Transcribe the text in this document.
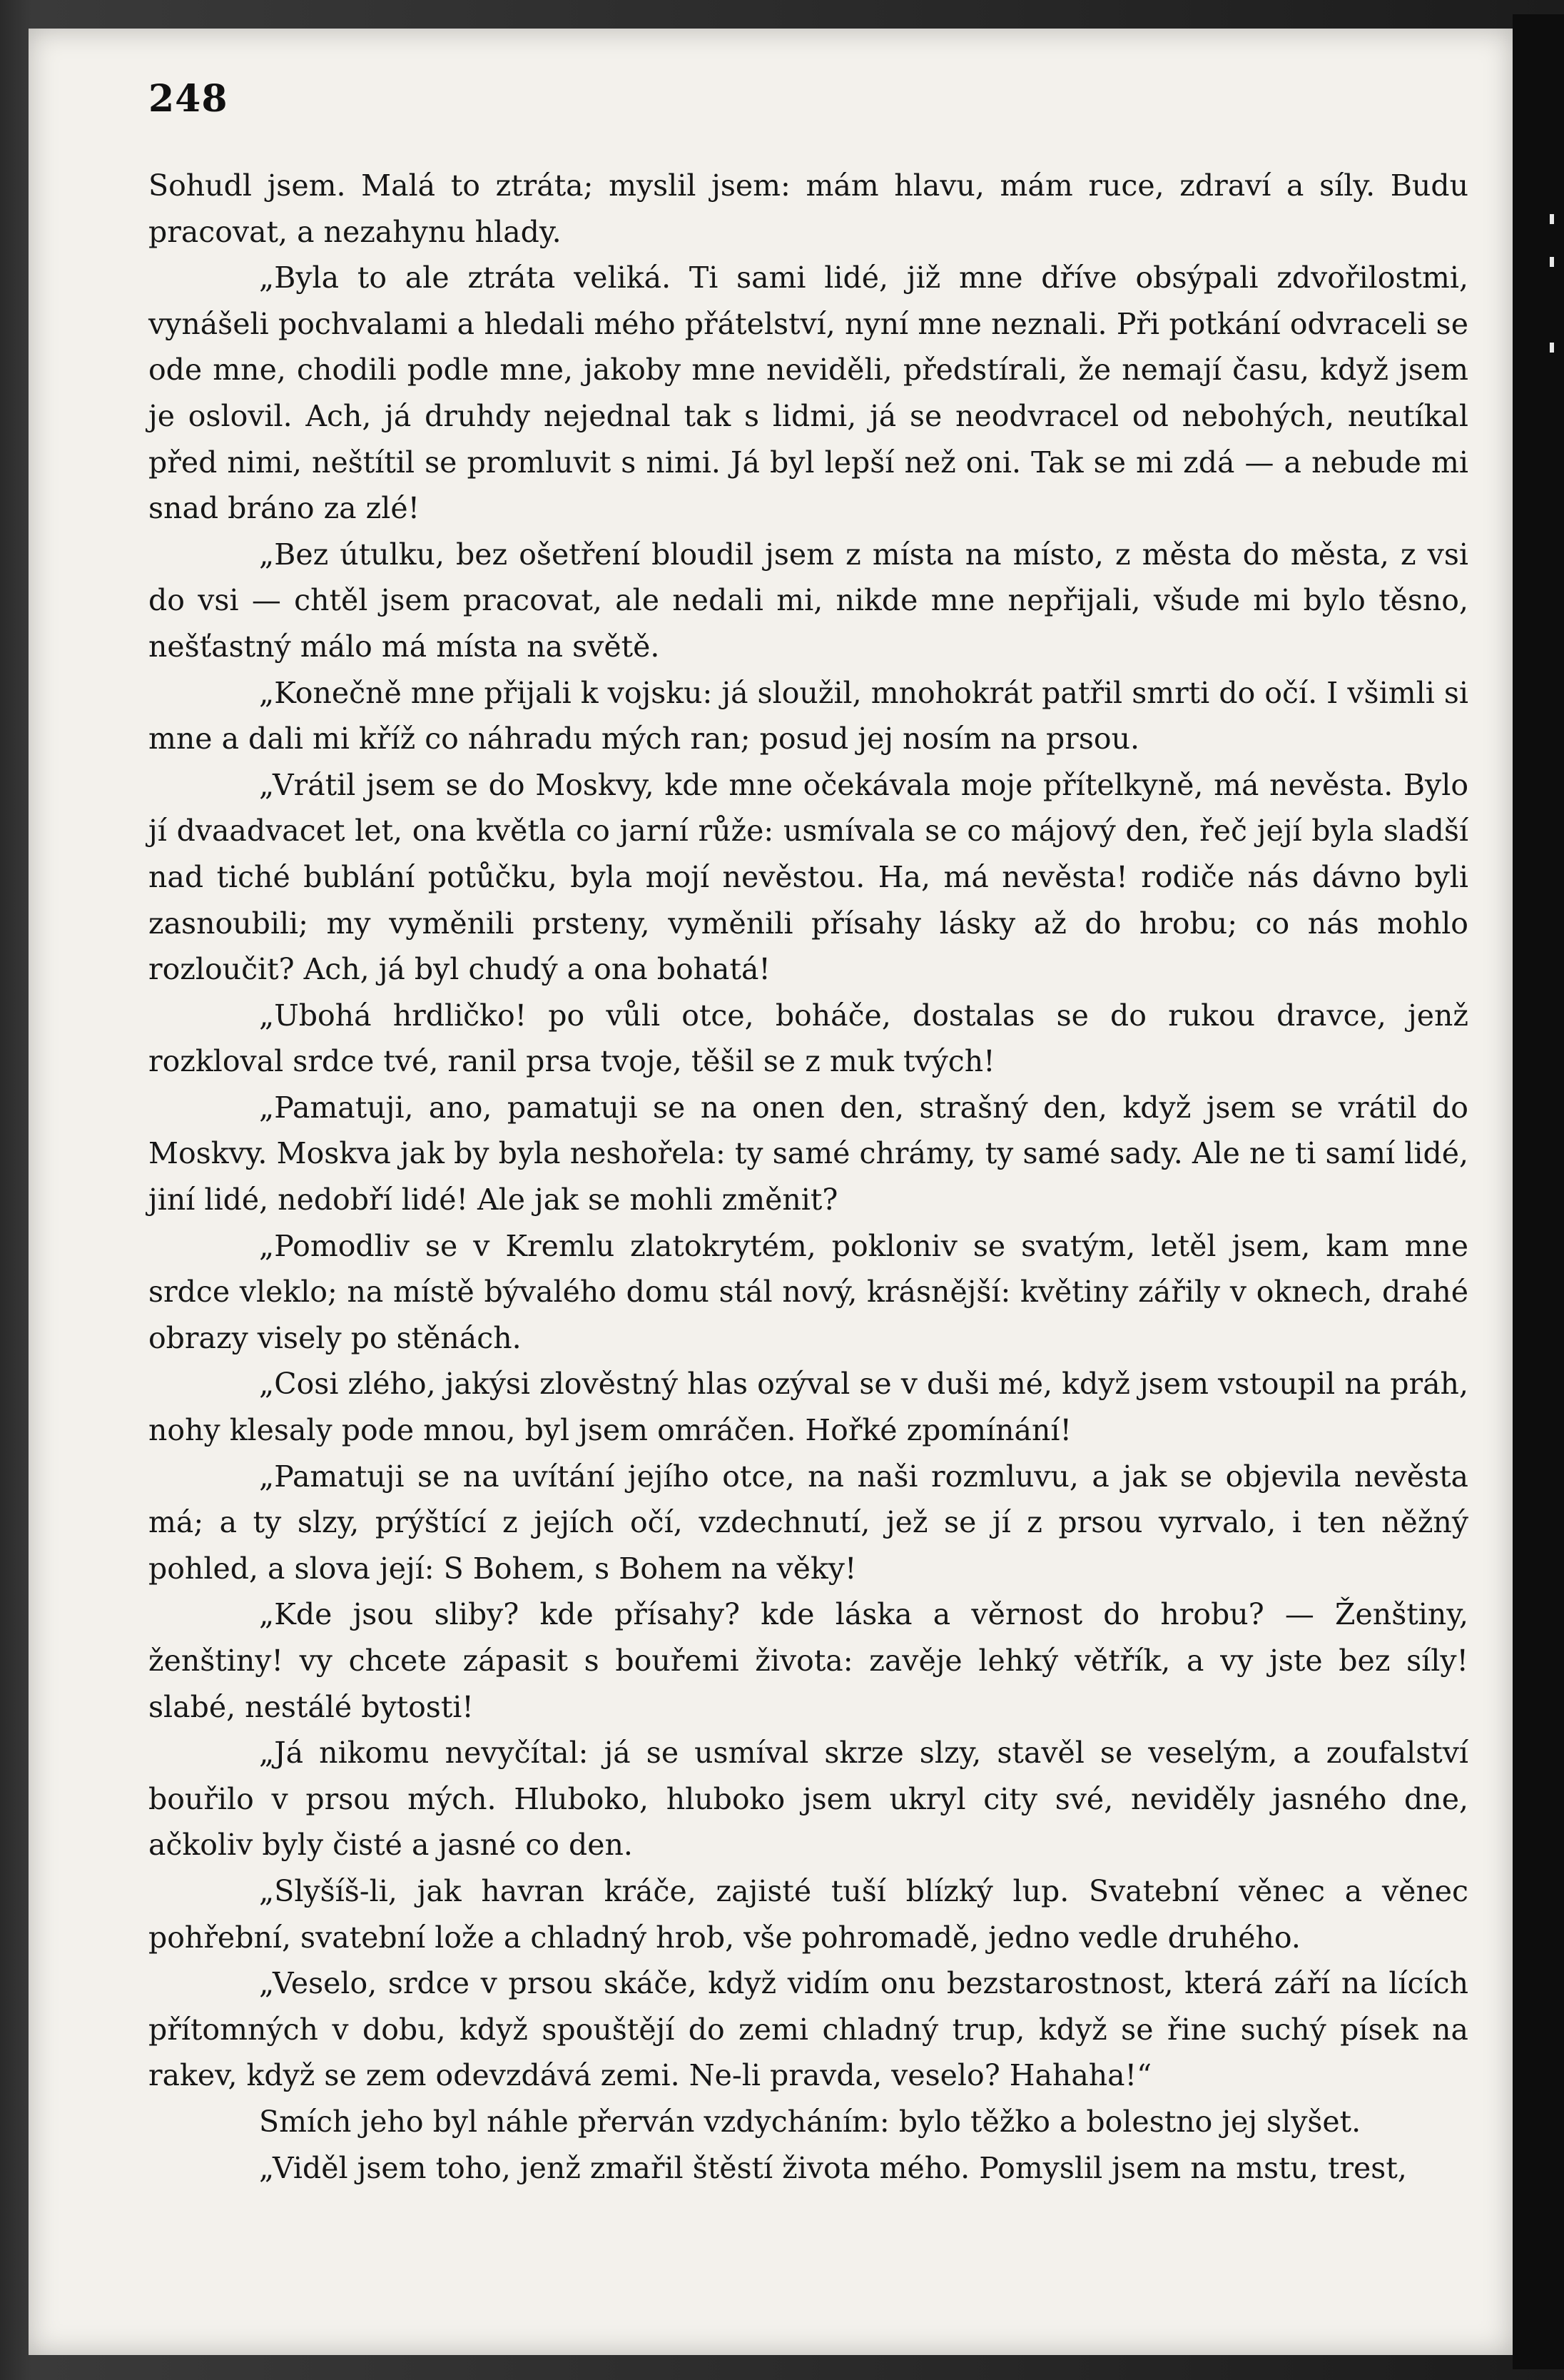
248

Sohudl jsem. Malá to ztráta; myslil jsem: mám hlavu, mám ruce, zdraví a síly. Budu pracovat, a nezahynu hlady.

„Byla to ale ztráta veliká. Ti sami lidé, již mne dříve obsýpali zdvořilostmi, vynášeli pochvalami a hledali mého přátelství, nyní mne neznali. Při potkání odvraceli se ode mne, chodili podle mne, jakoby mne neviděli, předstírali, že nemají času, když jsem je oslovil. Ach, já druhdy nejednal tak s lidmi, já se neodvracel od nebohých, neutíkal před nimi, neštítil se promluvit s nimi. Já byl lepší než oni. Tak se mi zdá — a nebude mi snad bráno za zlé!

„Bez útulku, bez ošetření bloudil jsem z místa na místo, z města do města, z vsi do vsi — chtěl jsem pracovat, ale nedali mi, nikde mne nepřijali, všude mi bylo těsno, nešťastný málo má místa na světě.

„Konečně mne přijali k vojsku: já sloužil, mnohokrát patřil smrti do očí. I všimli si mne a dali mi kříž co náhradu mých ran; posud jej nosím na prsou.

„Vrátil jsem se do Moskvy, kde mne očekávala moje přítelkyně, má nevěsta. Bylo jí dvaadvacet let, ona květla co jarní růže: usmívala se co májový den, řeč její byla sladší nad tiché bublání potůčku, byla mojí nevěstou. Ha, má nevěsta! rodiče nás dávno byli zasnoubili; my vyměnili prsteny, vyměnili přísahy lásky až do hrobu; co nás mohlo rozloučit? Ach, já byl chudý a ona bohatá!

„Ubohá hrdličko! po vůli otce, boháče, dostalas se do rukou dravce, jenž rozkloval srdce tvé, ranil prsa tvoje, těšil se z muk tvých!

„Pamatuji, ano, pamatuji se na onen den, strašný den, když jsem se vrátil do Moskvy. Moskva jak by byla neshořela: ty samé chrámy, ty samé sady. Ale ne ti samí lidé, jiní lidé, nedobří lidé! Ale jak se mohli změnit?

„Pomodliv se v Kremlu zlatokrytém, pokloniv se svatým, letěl jsem, kam mne srdce vleklo; na místě bývalého domu stál nový, krásnější: květiny zářily v oknech, drahé obrazy visely po stěnách.

„Cosi zlého, jakýsi zlověstný hlas ozýval se v duši mé, když jsem vstoupil na práh, nohy klesaly pode mnou, byl jsem omráčen. Hořké zpomínání!

„Pamatuji se na uvítání jejího otce, na naši rozmluvu, a jak se objevila nevěsta má; a ty slzy, prýštící z jejích očí, vzdechnutí, jež se jí z prsou vyrvalo, i ten něžný pohled, a slova její: S Bohem, s Bohem na věky!

„Kde jsou sliby? kde přísahy? kde láska a věrnost do hrobu? — Ženštiny, ženštiny! vy chcete zápasit s bouřemi života: zavěje lehký větřík, a vy jste bez síly! slabé, nestálé bytosti!

„Já nikomu nevyčítal: já se usmíval skrze slzy, stavěl se veselým, a zoufalství bouřilo v prsou mých. Hluboko, hluboko jsem ukryl city své, neviděly jasného dne, ačkoliv byly čisté a jasné co den.

„Slyšíš-li, jak havran kráče, zajisté tuší blízký lup. Svatební věnec a věnec pohřební, svatební lože a chladný hrob, vše pohromadě, jedno vedle druhého.

„Veselo, srdce v prsou skáče, když vidím onu bezstarostnost, která září na lících přítomných v dobu, když spouštějí do zemi chladný trup, když se řine suchý písek na rakev, když se zem odevzdává zemi. Ne-li pravda, veselo? Hahaha!“

Smích jeho byl náhle přerván vzdycháním: bylo těžko a bolestno jej slyšet.

„Viděl jsem toho, jenž zmařil štěstí života mého. Pomyslil jsem na mstu, trest,
